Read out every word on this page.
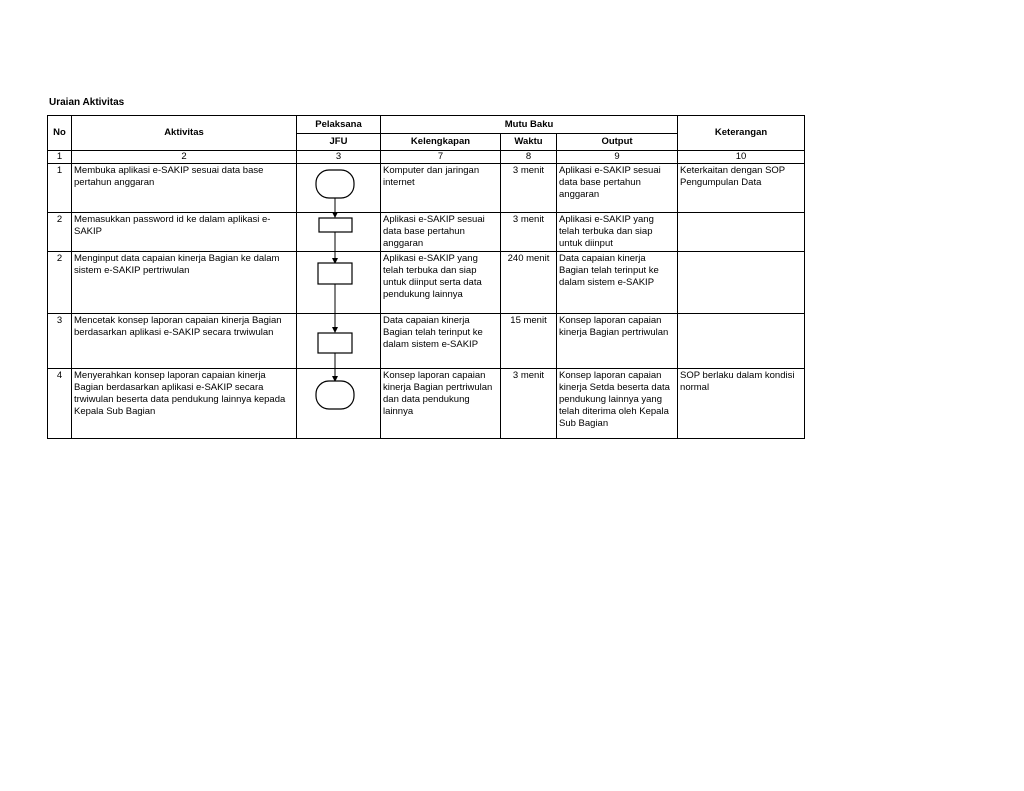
Uraian Aktivitas
No	Aktivitas	Pelaksana	Mutu Baku			Keterangan
		JFU	Kelengkapan	Waktu	Output	
1	2	3	7	8	9	10
1	Membuka aplikasi e-SAKIP sesuai data base pertahun anggaran		Komputer dan jaringan internet	3 menit	Aplikasi e-SAKIP sesuai data base pertahun anggaran	Keterkaitan dengan SOP Pengumpulan Data
2	Memasukkan password id ke dalam aplikasi e-SAKIP		Aplikasi e-SAKIP sesuai data base pertahun anggaran	3 menit	Aplikasi e-SAKIP yang telah terbuka dan siap untuk diinput	
2	Menginput data capaian kinerja Bagian ke dalam sistem e-SAKIP pertriwulan		Aplikasi e-SAKIP yang telah terbuka dan siap untuk diinput serta data pendukung lainnya	240 menit	Data capaian kinerja Bagian telah terinput ke dalam sistem e-SAKIP	
3	Mencetak konsep laporan capaian kinerja Bagian berdasarkan aplikasi e-SAKIP secara trwiwulan		Data capaian kinerja Bagian telah terinput ke dalam sistem e-SAKIP	15 menit	Konsep laporan capaian kinerja Bagian pertriwulan	
4	Menyerahkan konsep laporan capaian kinerja Bagian berdasarkan aplikasi e-SAKIP secara trwiwulan beserta data pendukung lainnya kepada Kepala Sub Bagian		Konsep laporan capaian kinerja Bagian pertriwulan dan data pendukung lainnya	3 menit	Konsep laporan capaian kinerja Setda beserta data pendukung lainnya yang telah diterima oleh Kepala Sub Bagian	SOP berlaku dalam kondisi normal
